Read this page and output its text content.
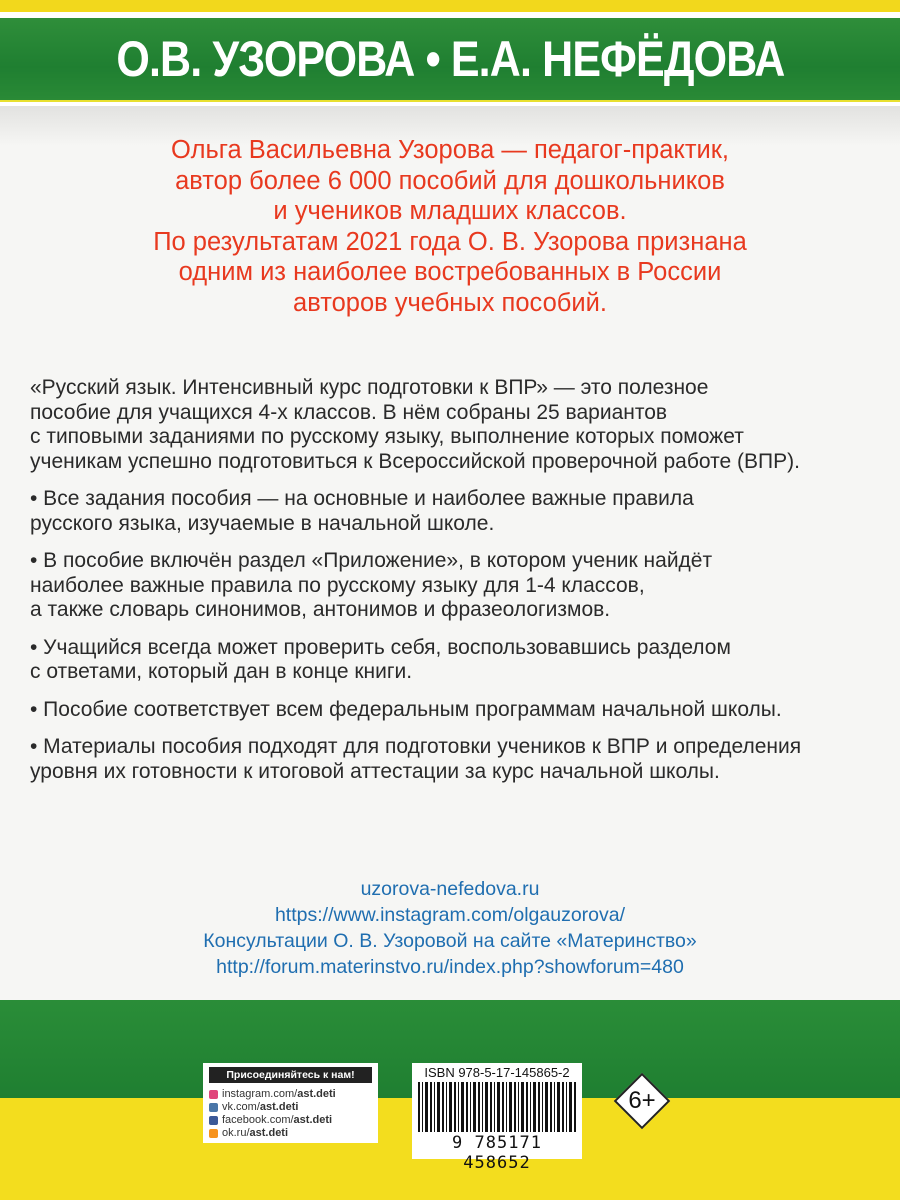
О.В. УЗОРОВА • Е.А. НЕФЁДОВА
Ольга Васильевна Узорова — педагог-практик,
автор более 6 000 пособий для дошкольников
и учеников младших классов.
По результатам 2021 года О. В. Узорова признана
одним из наиболее востребованных в России
авторов учебных пособий.

«Русский язык. Интенсивный курс подготовки к ВПР» — это полезное
пособие для учащихся 4-х классов. В нём собраны 25 вариантов
с типовыми заданиями по русскому языку, выполнение которых поможет
ученикам успешно подготовиться к Всероссийской проверочной работе (ВПР).

• Все задания пособия — на основные и наиболее важные правила
русского языка, изучаемые в начальной школе.

• В пособие включён раздел «Приложение», в котором ученик найдёт
наиболее важные правила по русскому языку для 1-4 классов,
а также словарь синонимов, антонимов и фразеологизмов.

• Учащийся всегда может проверить себя, воспользовавшись разделом
с ответами, который дан в конце книги.

• Пособие соответствует всем федеральным программам начальной школы.

• Материалы пособия подходят для подготовки учеников к ВПР и определения
уровня их готовности к итоговой аттестации за курс начальной школы.

uzorova-nefedova.ru
https://www.instagram.com/olgauzorova/
Консультации О. В. Узоровой на сайте «Материнство»
http://forum.materinstvo.ru/index.php?showforum=480
Присоединяйтесь к нам!
instagram.com/ast.deti
vk.com/ast.deti
facebook.com/ast.deti
ok.ru/ast.deti
ISBN 978-5-17-145865-2
9 785171 458652
6+
